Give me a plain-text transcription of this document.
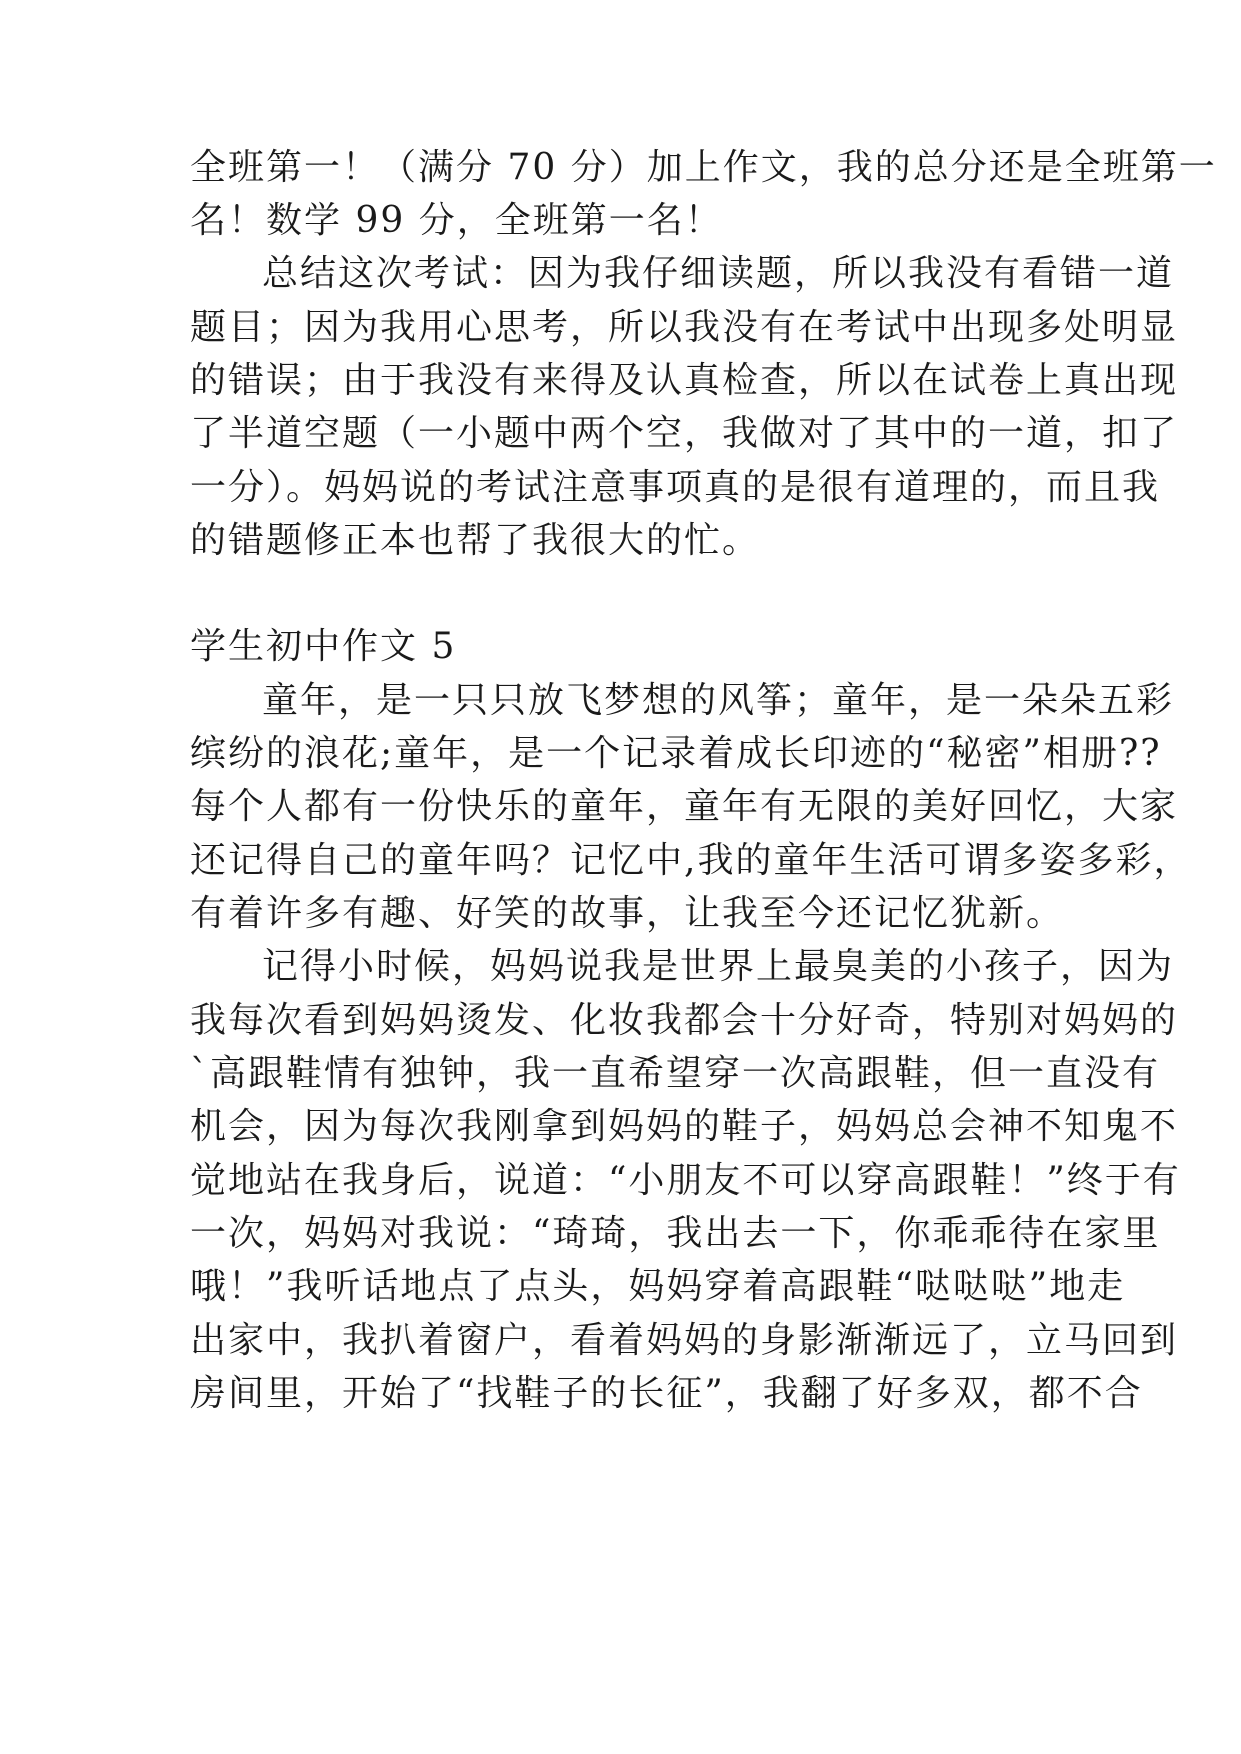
全班第一！（满分 70 分）加上作文，我的总分还是全班第一
名！数学 99 分，全班第一名！
总结这次考试：因为我仔细读题，所以我没有看错一道
题目；因为我用心思考，所以我没有在考试中出现多处明显
的错误；由于我没有来得及认真检查，所以在试卷上真出现
了半道空题（一小题中两个空，我做对了其中的一道，扣了
一分）。妈妈说的考试注意事项真的是很有道理的，而且我
的错题修正本也帮了我很大的忙。
学生初中作文 5
童年，是一只只放飞梦想的风筝；童年，是一朵朵五彩
缤纷的浪花;童年，是一个记录着成长印迹的“秘密”相册??
每个人都有一份快乐的童年，童年有无限的美好回忆，大家
还记得自己的童年吗？记忆中,我的童年生活可谓多姿多彩，
有着许多有趣、好笑的故事，让我至今还记忆犹新。
记得小时候，妈妈说我是世界上最臭美的小孩子，因为
我每次看到妈妈烫发、化妆我都会十分好奇，特别对妈妈的
`高跟鞋情有独钟，我一直希望穿一次高跟鞋，但一直没有
机会，因为每次我刚拿到妈妈的鞋子，妈妈总会神不知鬼不
觉地站在我身后，说道：“小朋友不可以穿高跟鞋！”终于有
一次，妈妈对我说：“琦琦，我出去一下，你乖乖待在家里
哦！”我听话地点了点头，妈妈穿着高跟鞋“哒哒哒”地走
出家中，我扒着窗户，看着妈妈的身影渐渐远了，立马回到
房间里，开始了“找鞋子的长征”，我翻了好多双，都不合
